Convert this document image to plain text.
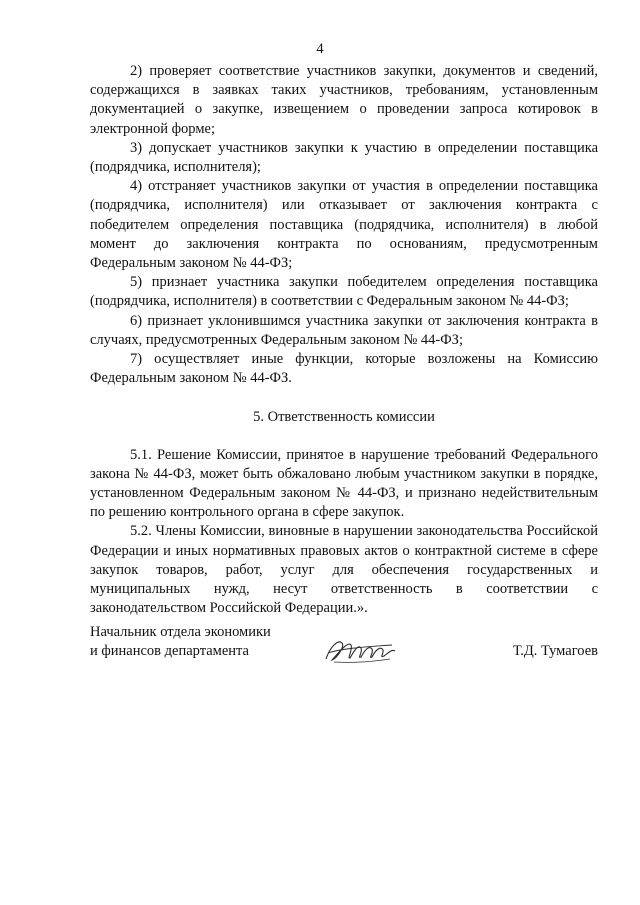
4

2) проверяет соответствие участников закупки, документов и сведений, содержащихся в заявках таких участников, требованиям, установленным документацией о закупке, извещением о проведении запроса котировок в электронной форме;

3) допускает участников закупки к участию в определении поставщика (подрядчика, исполнителя);

4) отстраняет участников закупки от участия в определении поставщика (подрядчика, исполнителя) или отказывает от заключения контракта с победителем определения поставщика (подрядчика, исполнителя) в любой момент до заключения контракта по основаниям, предусмотренным Федеральным законом № 44-ФЗ;

5) признает участника закупки победителем определения поставщика (подрядчика, исполнителя) в соответствии с Федеральным законом № 44-ФЗ;

6) признает уклонившимся участника закупки от заключения контракта в случаях, предусмотренных Федеральным законом № 44-ФЗ;

7) осуществляет иные функции, которые возложены на Комиссию Федеральным законом № 44-ФЗ.

5. Ответственность комиссии

5.1. Решение Комиссии, принятое в нарушение требований Федерального закона № 44-ФЗ, может быть обжаловано любым участником закупки в порядке, установленном Федеральным законом № 44-ФЗ, и признано недействительным по решению контрольного органа в сфере закупок.

5.2. Члены Комиссии, виновные в нарушении законодательства Российской Федерации и иных нормативных правовых актов о контрактной системе в сфере закупок товаров, работ, услуг для обеспечения государственных и муниципальных нужд, несут ответственность в соответствии с законодательством Российской Федерации.».

Начальник отдела экономики
и финансов департамента	Т.Д. Тумагоев
